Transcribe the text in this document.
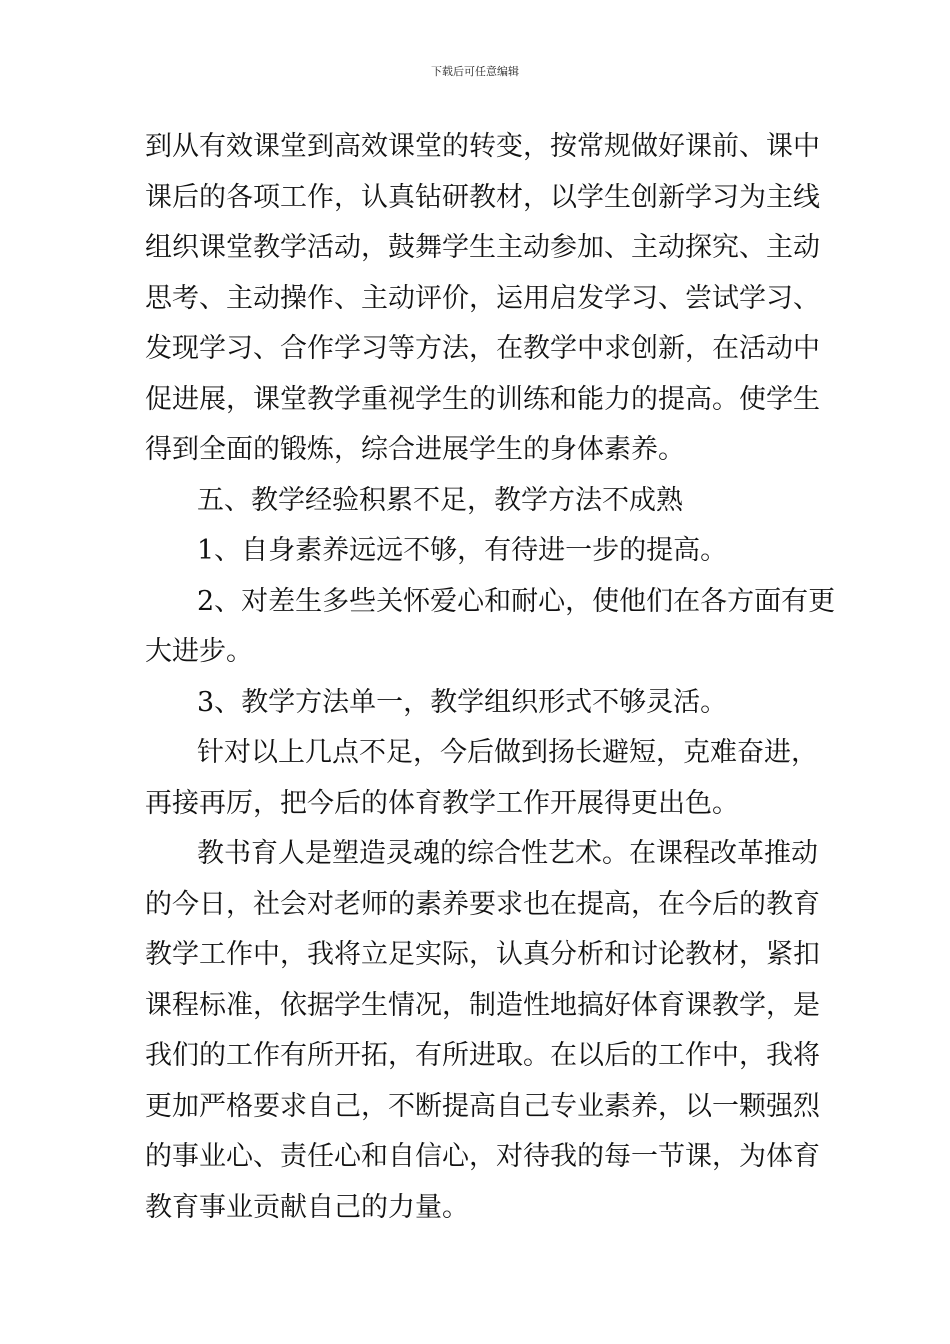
下载后可任意编辑
到从有效课堂到高效课堂的转变，按常规做好课前、课中
课后的各项工作，认真钻研教材，以学生创新学习为主线
组织课堂教学活动，鼓舞学生主动参加、主动探究、主动
思考、主动操作、主动评价，运用启发学习、尝试学习、
发现学习、合作学习等方法，在教学中求创新，在活动中
促进展，课堂教学重视学生的训练和能力的提高。使学生
得到全面的锻炼，综合进展学生的身体素养。
五、教学经验积累不足，教学方法不成熟
1、自身素养远远不够，有待进一步的提高。
2、对差生多些关怀爱心和耐心，使他们在各方面有更
大进步。
3、教学方法单一，教学组织形式不够灵活。
针对以上几点不足，今后做到扬长避短，克难奋进，
再接再厉，把今后的体育教学工作开展得更出色。
教书育人是塑造灵魂的综合性艺术。在课程改革推动
的今日，社会对老师的素养要求也在提高，在今后的教育
教学工作中，我将立足实际，认真分析和讨论教材，紧扣
课程标准，依据学生情况，制造性地搞好体育课教学，是
我们的工作有所开拓，有所进取。在以后的工作中，我将
更加严格要求自己，不断提高自己专业素养，以一颗强烈
的事业心、责任心和自信心，对待我的每一节课，为体育
教育事业贡献自己的力量。
